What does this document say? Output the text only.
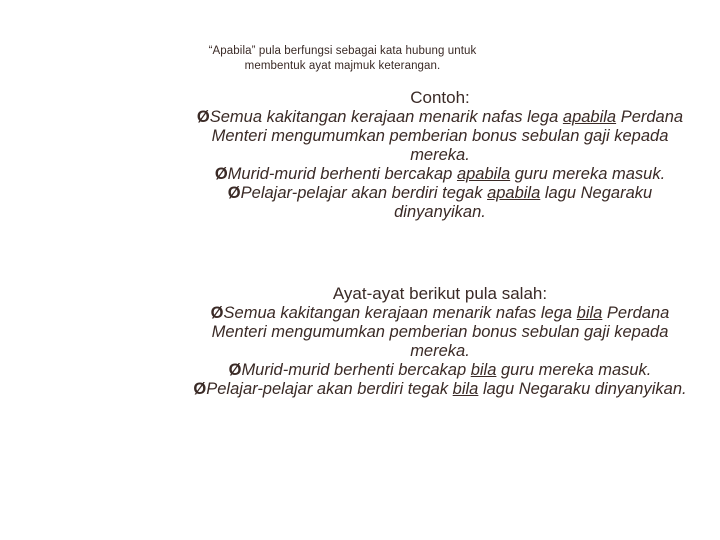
“Apabila” pula berfungsi sebagai kata hubung untuk membentuk ayat majmuk keterangan.
Contoh:
ØSemua kakitangan kerajaan menarik nafas lega apabila Perdana Menteri mengumumkan pemberian bonus sebulan gaji kepada mereka.
ØMurid-murid berhenti bercakap apabila guru mereka masuk.
ØPelajar-pelajar akan berdiri tegak apabila lagu Negaraku dinyanyikan.
Ayat-ayat berikut pula salah:
ØSemua kakitangan kerajaan menarik nafas lega bila Perdana Menteri mengumumkan pemberian bonus sebulan gaji kepada mereka.
ØMurid-murid berhenti bercakap bila guru mereka masuk.
ØPelajar-pelajar akan berdiri tegak bila lagu Negaraku dinyanyikan.
